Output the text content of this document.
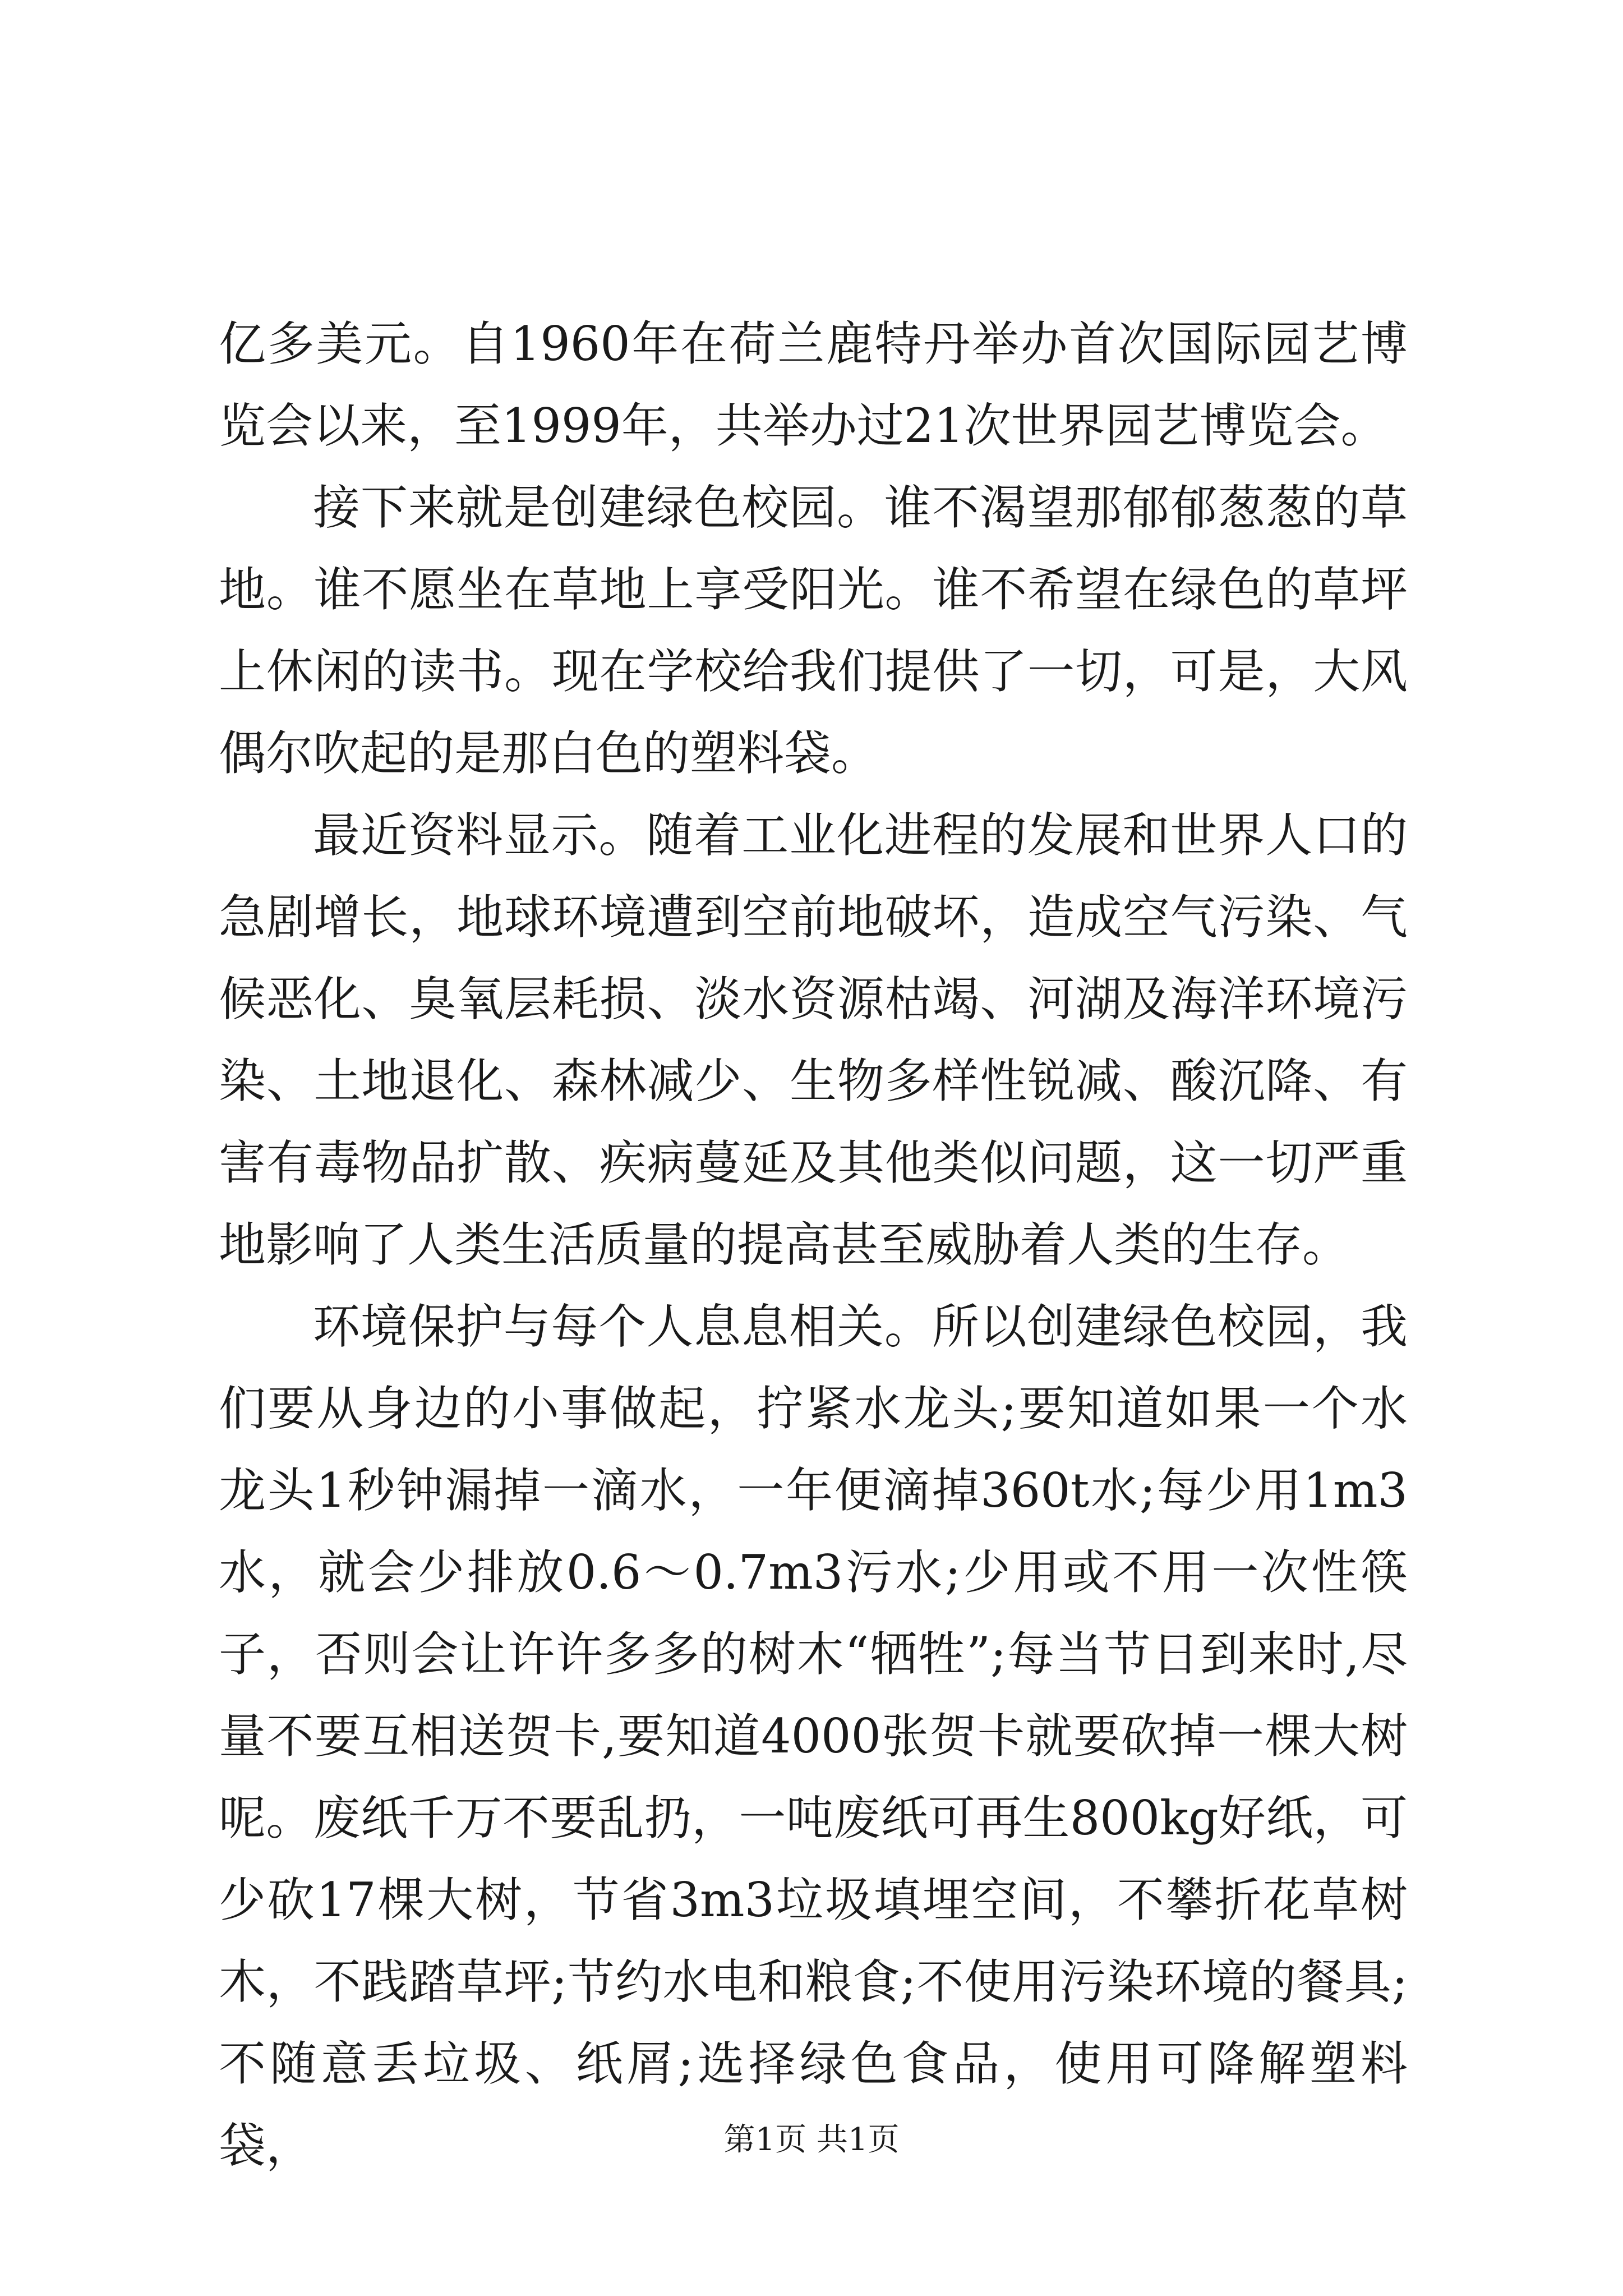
亿多美元。自1960年在荷兰鹿特丹举办首次国际园艺博览会以来，至1999年，共举办过21次世界园艺博览会。

接下来就是创建绿色校园。谁不渴望那郁郁葱葱的草地。谁不愿坐在草地上享受阳光。谁不希望在绿色的草坪上休闲的读书。现在学校给我们提供了一切，可是，大风偶尔吹起的是那白色的塑料袋。

最近资料显示。随着工业化进程的发展和世界人口的急剧增长，地球环境遭到空前地破坏，造成空气污染、气候恶化、臭氧层耗损、淡水资源枯竭、河湖及海洋环境污染、土地退化、森林减少、生物多样性锐减、酸沉降、有害有毒物品扩散、疾病蔓延及其他类似问题，这一切严重地影响了人类生活质量的提高甚至威胁着人类的生存。

环境保护与每个人息息相关。所以创建绿色校园，我们要从身边的小事做起，拧紧水龙头;要知道如果一个水龙头1秒钟漏掉一滴水，一年便滴掉360t水;每少用1m3水，就会少排放0.6～0.7m3污水;少用或不用一次性筷子，否则会让许许多多的树木“牺牲”;每当节日到来时,尽量不要互相送贺卡,要知道4000张贺卡就要砍掉一棵大树呢。废纸千万不要乱扔，一吨废纸可再生800kg好纸，可少砍17棵大树，节省3m3垃圾填埋空间，不攀折花草树木，不践踏草坪;节约水电和粮食;不使用污染环境的餐具;不随意丢垃圾、纸屑;选择绿色食品，使用可降解塑料袋，	第1页 共1页
